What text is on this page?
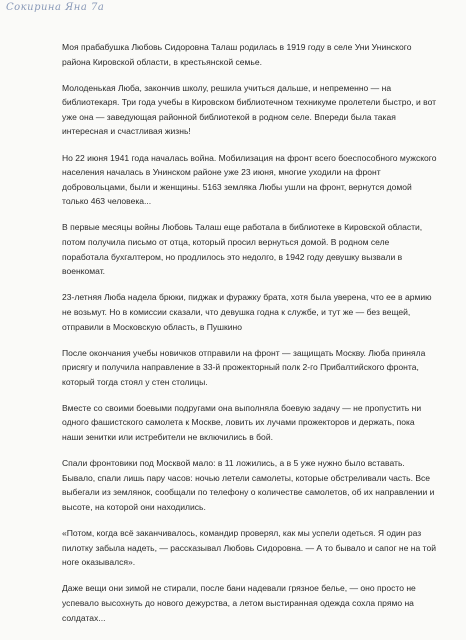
Сокирина Яна 7а

Моя прабабушка Любовь Сидоровна Талаш родилась в 1919 году в селе Уни Унинского района Кировской области, в крестьянской семье.

Молоденькая Люба, закончив школу, решила учиться дальше, и непременно — на библиотекаря. Три года учебы в Кировском библиотечном техникуме пролетели быстро, и вот уже она — заведующая районной библиотекой в родном селе. Впереди была такая интересная и счастливая жизнь!

Но 22 июня 1941 года началась война. Мобилизация на фронт всего боеспособного мужского населения началась в Унинском районе уже 23 июня, многие уходили на фронт добровольцами, были и женщины. 5163 земляка Любы ушли на фронт, вернутся домой только 463 человека...

В первые месяцы войны Любовь Талаш еще работала в библиотеке в Кировской области, потом получила письмо от отца, который просил вернуться домой. В родном селе поработала бухгалтером, но продлилось это недолго, в 1942 году девушку вызвали в военкомат.

23-летняя Люба надела брюки, пиджак и фуражку брата, хотя была уверена, что ее в армию не возьмут. Но в комиссии сказали, что девушка годна к службе, и тут же — без вещей, отправили в Московскую область, в Пушкино

После окончания учебы новичков отправили на фронт — защищать Москву. Люба приняла присягу и получила направление в 33-й прожекторный полк 2-го Прибалтийского фронта, который тогда стоял у стен столицы.

Вместе со своими боевыми подругами она выполняла боевую задачу — не пропустить ни одного фашистского самолета к Москве, ловить их лучами прожекторов и держать, пока наши зенитки или истребители не включились в бой.

Спали фронтовики под Москвой мало: в 11 ложились, а в 5 уже нужно было вставать. Бывало, спали лишь пару часов: ночью летели самолеты, которые обстреливали часть. Все выбегали из землянок, сообщали по телефону о количестве самолетов, об их направлении и высоте, на которой они находились.

«Потом, когда всё заканчивалось, командир проверял, как мы успели одеться. Я один раз пилотку забыла надеть, — рассказывал Любовь Сидоровна. — А то бывало и сапог не на той ноге оказывался».

Даже вещи они зимой не стирали, после бани надевали грязное белье, — оно просто не успевало высохнуть до нового дежурства, а летом выстиранная одежда сохла прямо на солдатах...
